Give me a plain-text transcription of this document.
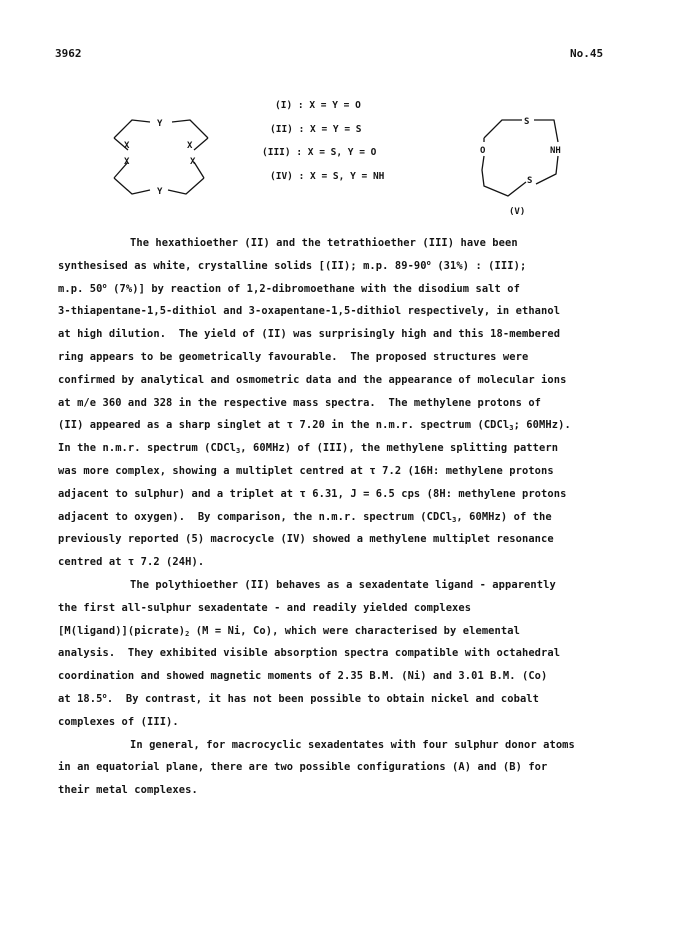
3962	No.45
Y
X	X
X	X
Y
(I) : X = Y = O
(II) : X = Y = S
(III) : X = S, Y = O
(IV) : X = S, Y = NH
S
O	NH
S
(V)
The hexathioether (II) and the tetrathioether (III) have been
synthesised as white, crystalline solids [(II); m.p. 89-90$^o$ (31%) : (III);
m.p. 50$^o$ (7%)] by reaction of 1,2-dibromoethane with the disodium salt of
3-thiapentane-1,5-dithiol and 3-oxapentane-1,5-dithiol respectively, in ethanol
at high dilution.  The yield of (II) was surprisingly high and this 18-membered
ring appears to be geometrically favourable.  The proposed structures were
confirmed by analytical and osmometric data and the appearance of molecular ions
at m/e 360 and 328 in the respective mass spectra.  The methylene protons of
(II) appeared as a sharp singlet at τ 7.20 in the n.m.r. spectrum (CDCl$_3$; 60MHz).
In the n.m.r. spectrum (CDCl$_3$, 60MHz) of (III), the methylene splitting pattern
was more complex, showing a multiplet centred at τ 7.2 (16H: methylene protons
adjacent to sulphur) and a triplet at τ 6.31, J = 6.5 cps (8H: methylene protons
adjacent to oxygen).  By comparison, the n.m.r. spectrum (CDCl$_3$, 60MHz) of the
previously reported (5) macrocycle (IV) showed a methylene multiplet resonance
centred at τ 7.2 (24H).
The polythioether (II) behaves as a sexadentate ligand - apparently
the first all-sulphur sexadentate - and readily yielded complexes
$[M(ligand)](picrate)_2$ (M = Ni, Co), which were characterised by elemental
analysis.  They exhibited visible absorption spectra compatible with octahedral
coordination and showed magnetic moments of 2.35 B.M. (Ni) and 3.01 B.M. (Co)
at 18.5$^o$.  By contrast, it has not been possible to obtain nickel and cobalt
complexes of (III).
In general, for macrocyclic sexadentates with four sulphur donor atoms
in an equatorial plane, there are two possible configurations (A) and (B) for
their metal complexes.
